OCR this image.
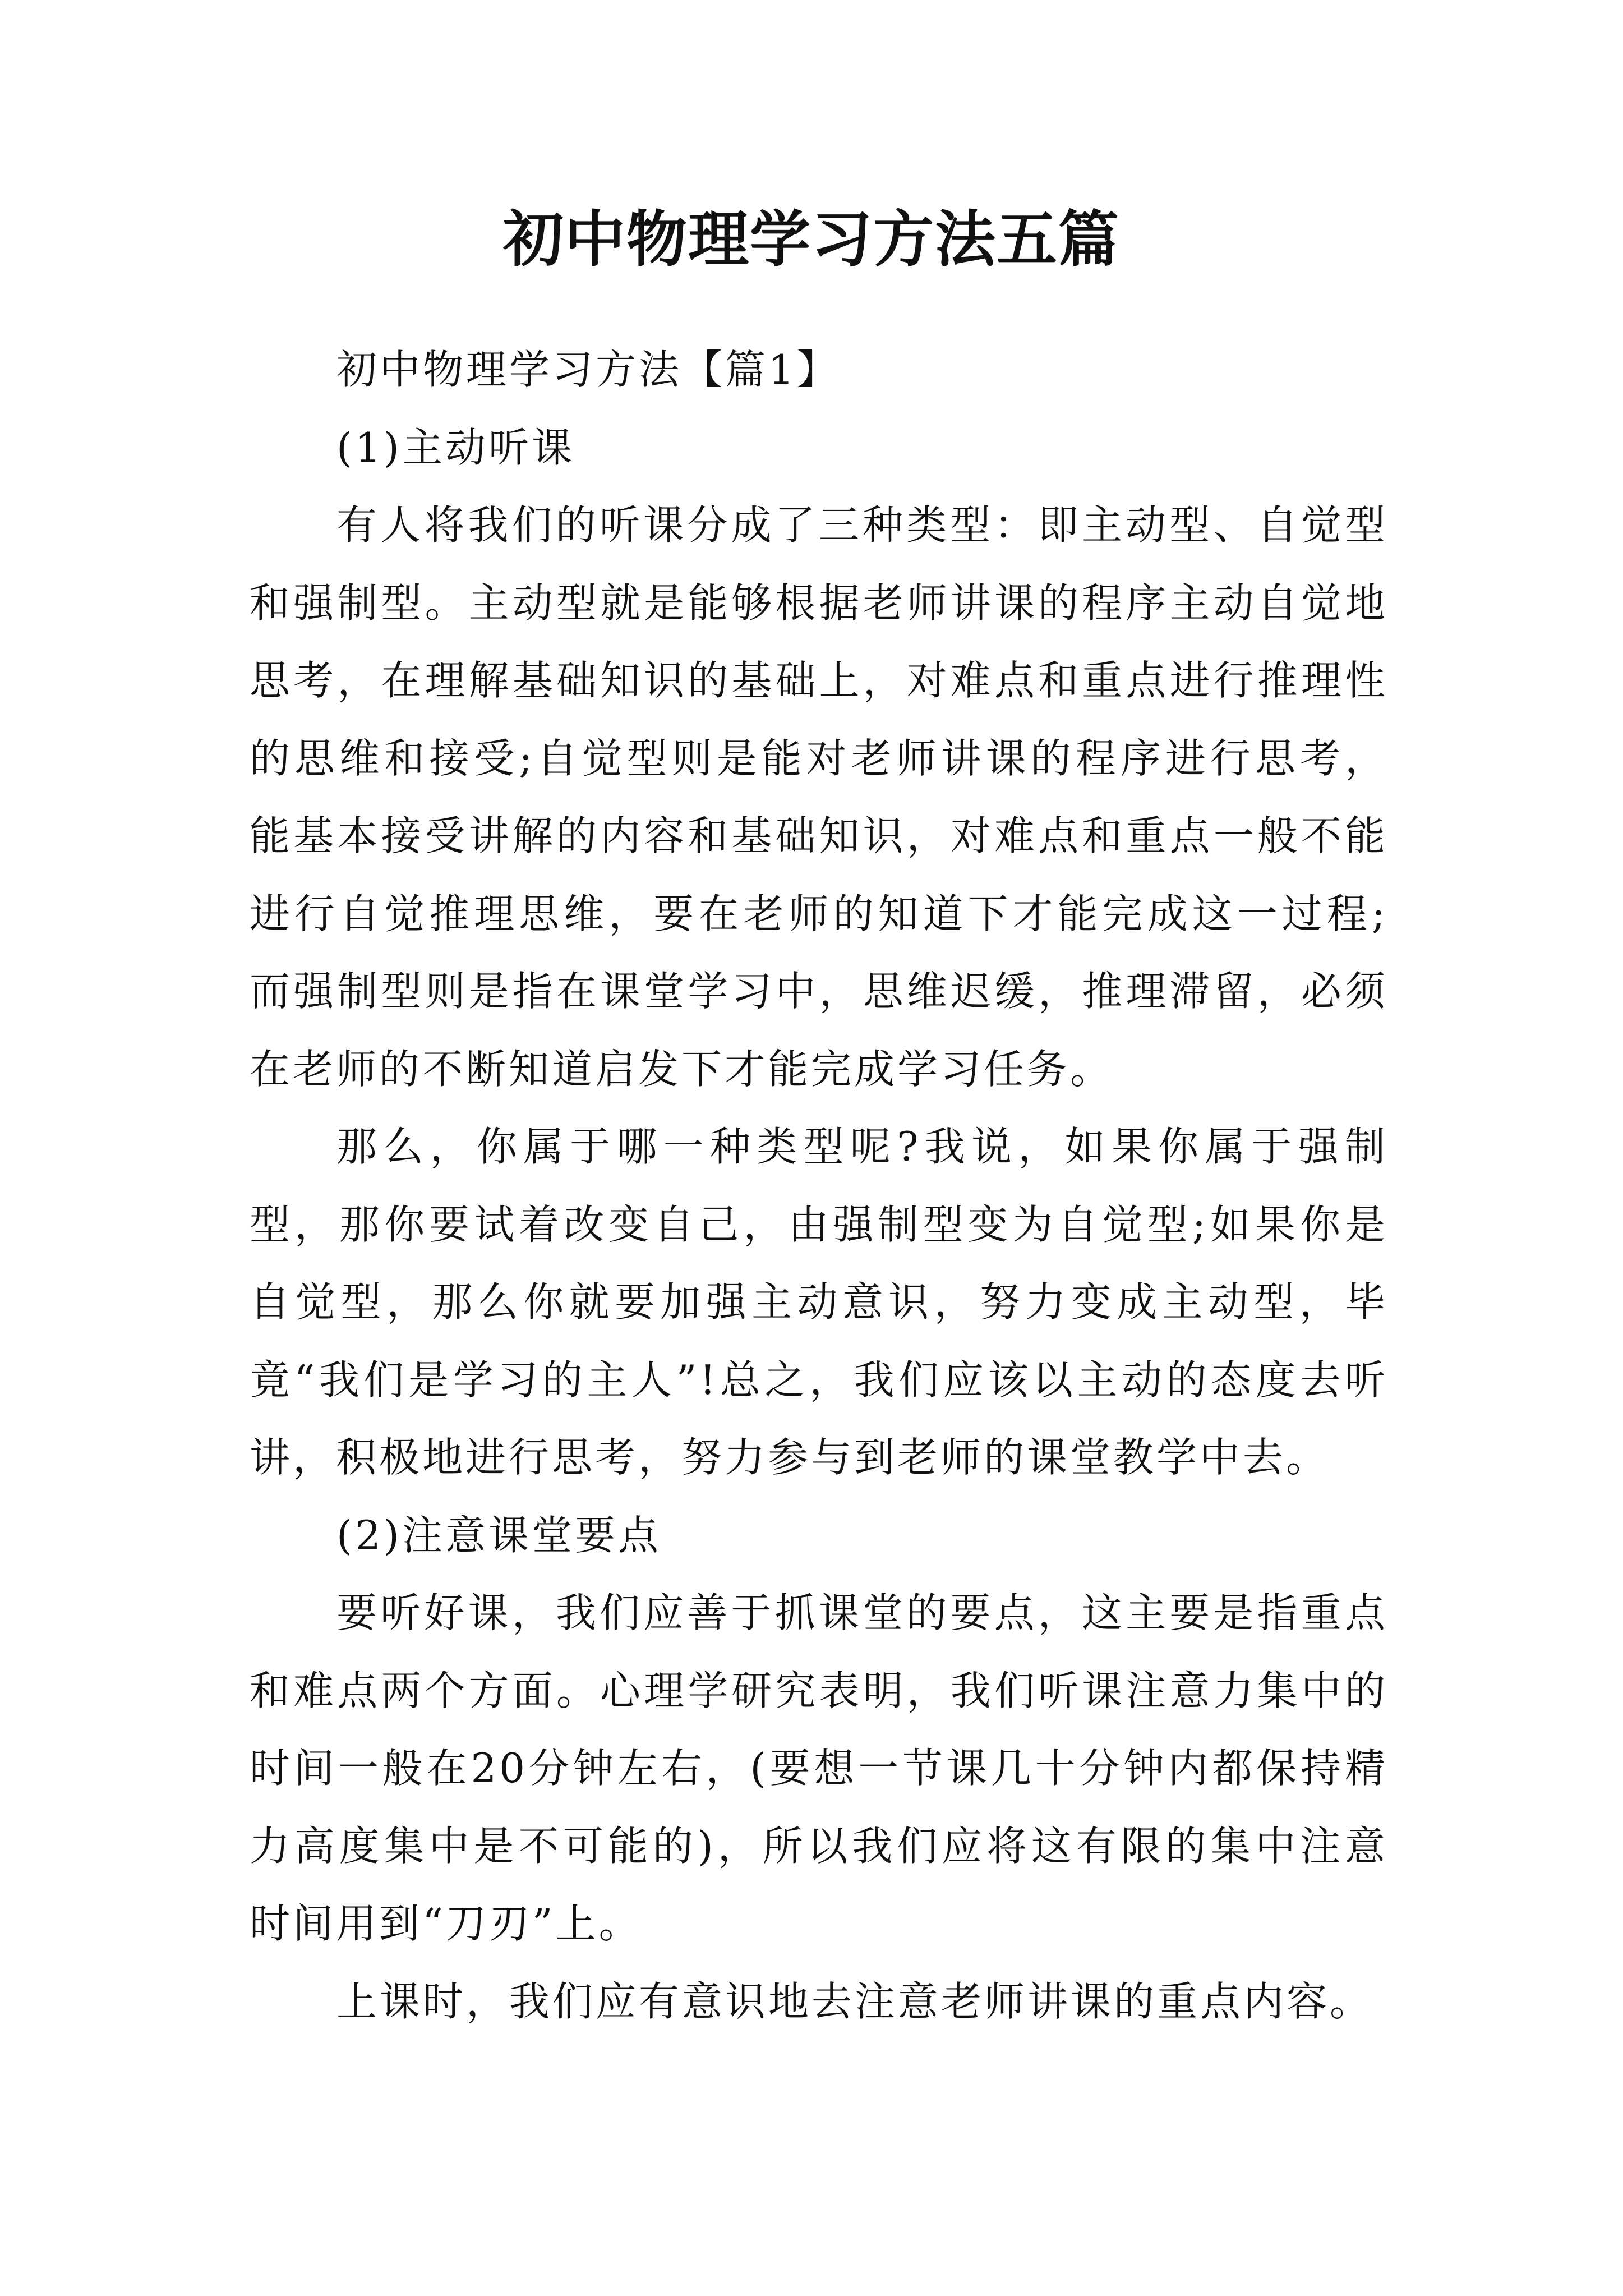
初中物理学习方法五篇

初中物理学习方法【篇1】

(1)主动听课

有人将我们的听课分成了三种类型：即主动型、自觉型和强制型。主动型就是能够根据老师讲课的程序主动自觉地思考，在理解基础知识的基础上，对难点和重点进行推理性的思维和接受;自觉型则是能对老师讲课的程序进行思考，能基本接受讲解的内容和基础知识，对难点和重点一般不能进行自觉推理思维，要在老师的知道下才能完成这一过程;而强制型则是指在课堂学习中，思维迟缓，推理滞留，必须在老师的不断知道启发下才能完成学习任务。

那么，你属于哪一种类型呢?我说，如果你属于强制型，那你要试着改变自己，由强制型变为自觉型;如果你是自觉型，那么你就要加强主动意识，努力变成主动型，毕竟“我们是学习的主人”!总之，我们应该以主动的态度去听讲，积极地进行思考，努力参与到老师的课堂教学中去。

(2)注意课堂要点

要听好课，我们应善于抓课堂的要点，这主要是指重点和难点两个方面。心理学研究表明，我们听课注意力集中的时间一般在20分钟左右，(要想一节课几十分钟内都保持精力高度集中是不可能的)，所以我们应将这有限的集中注意时间用到“刀刃”上。

上课时，我们应有意识地去注意老师讲课的重点内容。
